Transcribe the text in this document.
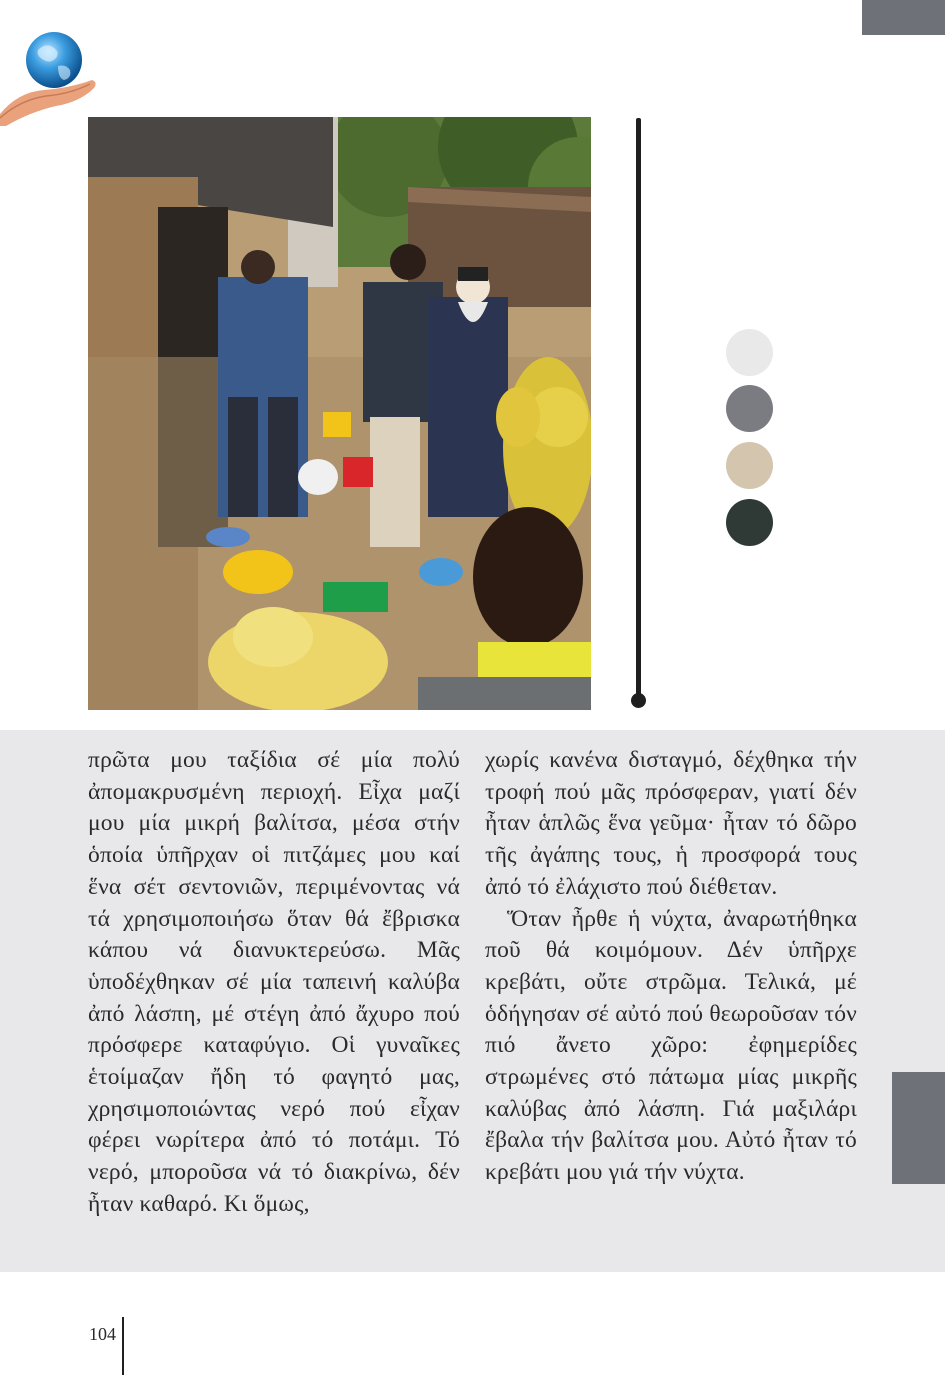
πρῶτα μου ταξίδια σέ μία πολύ ἀπομακρυσμένη περιοχή. Εἶχα μαζί μου μία μικρή βαλίτσα, μέσα στήν ὁποία ὑπῆρχαν οἱ πιτζάμες μου καί ἕνα σέτ σεντονιῶν, περιμένοντας νά τά χρησιμοποιήσω ὅταν θά ἔβρισκα κάπου νά διανυκτερεύσω. Μᾶς ὑποδέχθηκαν σέ μία ταπεινή καλύβα ἀπό λάσπη, μέ στέγη ἀπό ἄχυρο πού πρόσφερε καταφύγιο. Οἱ γυναῖκες ἑτοίμαζαν ἤδη τό φαγητό μας, χρησιμοποιώντας νερό πού εἶχαν φέρει νωρίτερα ἀπό τό ποτάμι. Τό νερό, μποροῦσα νά τό διακρίνω, δέν ἦταν καθαρό. Κι ὅμως,

χωρίς κανένα δισταγμό, δέχθηκα τήν τροφή πού μᾶς πρόσφεραν, γιατί δέν ἦταν ἁπλῶς ἕνα γεῦμα· ἦταν τό δῶρο τῆς ἀγάπης τους, ἡ προσφορά τους ἀπό τό ἐλάχιστο πού διέθεταν.

Ὅταν ἦρθε ἡ νύχτα, ἀναρωτήθηκα ποῦ θά κοιμόμουν. Δέν ὑπῆρχε κρεβάτι, οὔτε στρῶμα. Τελικά, μέ ὁδήγησαν σέ αὐτό πού θεωροῦσαν τόν πιό ἄνετο χῶρο: ἐφημερίδες στρωμένες στό πάτωμα μίας μικρῆς καλύβας ἀπό λάσπη. Γιά μαξιλάρι ἔβαλα τήν βαλίτσα μου. Αὐτό ἦταν τό κρεβάτι μου γιά τήν νύχτα.

104
